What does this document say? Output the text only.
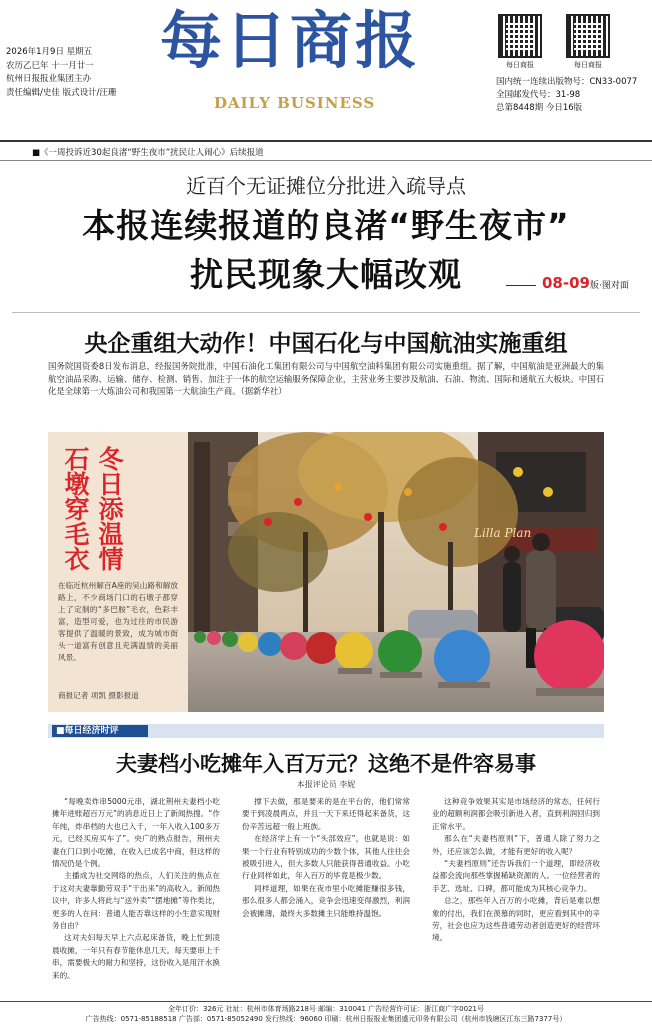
2026年1月9日 星期五
农历乙巳年 十一月廿一
杭州日报报业集团主办
责任编辑/史佳 版式设计/汪珊
每日商报
DAILY BUSINESS
每日商报	每日商报
国内统一连续出版物号：CN33-0077
全国邮发代号：31-98
总第8448期 今日16版
■《一周投诉近30起良渚“野生夜市”扰民让人闹心》后续报道
近百个无证摊位分批进入疏导点
本报连续报道的良渚“野生夜市”
扰民现象大幅改观	08-09版·图对面
央企重组大动作！中国石化与中国航油实施重组
国务院国资委8日发布消息，经报国务院批准，中国石油化工集团有限公司与中国航空油料集团有限公司实施重组。据了解，中国航油是亚洲最大的集航空油品采购、运输、储存、检测、销售、加注于一体的航空运输服务保障企业，主营业务主要涉及航油、石油、物流、国际和通航五大板块。中国石化是全球第一大炼油公司和我国第一大航油生产商。（据新华社）
Lilla Plan
冬日添温情
石墩穿毛衣
在临近杭州解百A座的吴山路和解放路上，不少商场门口的石墩子都穿上了定制的“多巴胺”毛衣，色彩丰富，造型可爱，也为过往的市民游客提供了温暖的景致，成为城市街头一道富有创意且充满温情的美丽风景。
商报记者 项凯 摄影报道
■每日经济时评
夫妻档小吃摊年入百万元？这绝不是件容易事
本报评论员 李妮

“每晚卖炸串5000元串，湖北荆州夫妻档小吃摊年进账超百万元”的消息近日上了新闻热搜。“作年纯，炸串档的大也已入千，一年入收入100多万元，已经买房买车了”。央广的熟点报告，荆州夫妻在门口到小吃摊，在收入已成名中商，但这样的情况仍是个例。

主播成为社交网络的热点，人们关注的焦点在于这对夫妻靠勤劳双手“干出来”的高收入。新闻热议中，许多人将此与“送外卖”“摆地摊”等作类比，更多的人在问：普通人能否靠这样的小生意实现财务自由？

这对夫妇每天早上六点起床备货，晚上忙到凌晨收摊，一年只有春节能休息几天。每天要串上千串，需要极大的耐力和坚持，这份收入是用汗水换来的。

撑下去做，那是要来的是在平台的，他们常常要干到凌晨两点，并且一天下来还得起来备货，这份辛苦远超一般上班族。

在经济学上有一个“头部效应”，也就是说：如果一个行业有特别成功的少数个体，其他人往往会被吸引进入，但大多数人只能获得普通收益。小吃行业同样如此，年入百万的毕竟是极少数。

同样道理，如果在夜市里小吃摊能赚很多钱，那么很多人都会涌入，竞争会迅速变得激烈，利润会被摊薄，最终大多数摊主只能维持温饱。

这种竞争效果其实是市场经济的常态，任何行业的超额利润都会吸引新进入者，直到利润回归到正常水平。

那么在“夫妻档原则”下，普通人除了努力之外，还应该怎么做，才能有更好的收入呢？

“夫妻档原则”还告诉我们一个道理，即经济收益都会流向那些掌握稀缺资源的人。一位经营者的手艺、选址、口碑，都可能成为其核心竞争力。

总之，那些年入百万的小吃摊，背后是难以想象的付出，我们在羡慕的同时，更应看到其中的辛劳，社会也应为这些普通劳动者创造更好的经营环境。

全年订价：326元 社址：杭州市体育场路218号 邮编：310041 广告经营许可证：浙江商广字0021号
广告热线：0571-85188518 广告部：0571-85052490 发行热线：96060 印刷：杭州日报报业集团盛元印务有限公司（杭州市钱塘区江东三路7377号）
